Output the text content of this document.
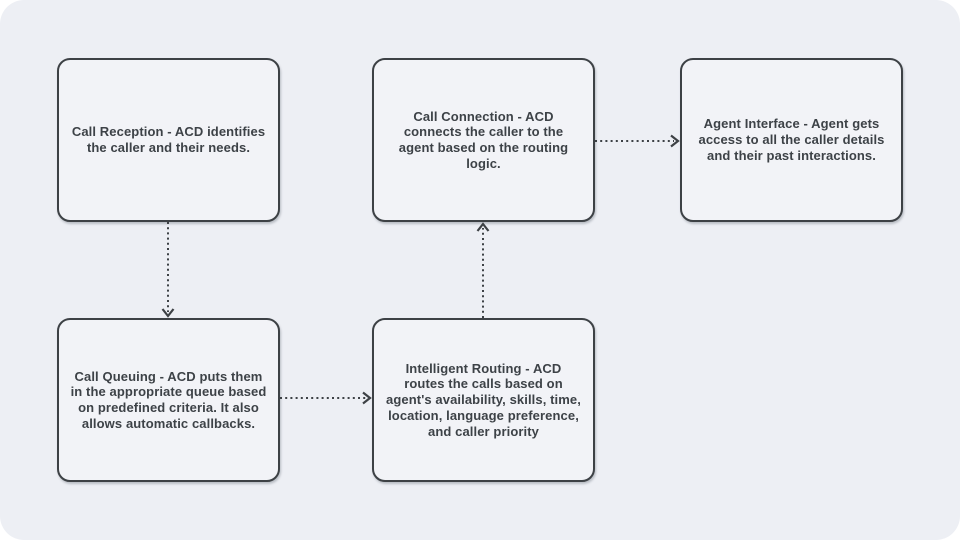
Call Reception - ACD identifies the caller and their needs.
Call Connection - ACD connects the caller to the agent based on the routing logic.
Agent Interface - Agent gets access to all the caller details and their past interactions.
Call Queuing - ACD puts them in the appropriate queue based on predefined criteria. It also allows automatic callbacks.
Intelligent Routing - ACD routes the calls based on agent's availability, skills, time, location, language preference, and caller priority
